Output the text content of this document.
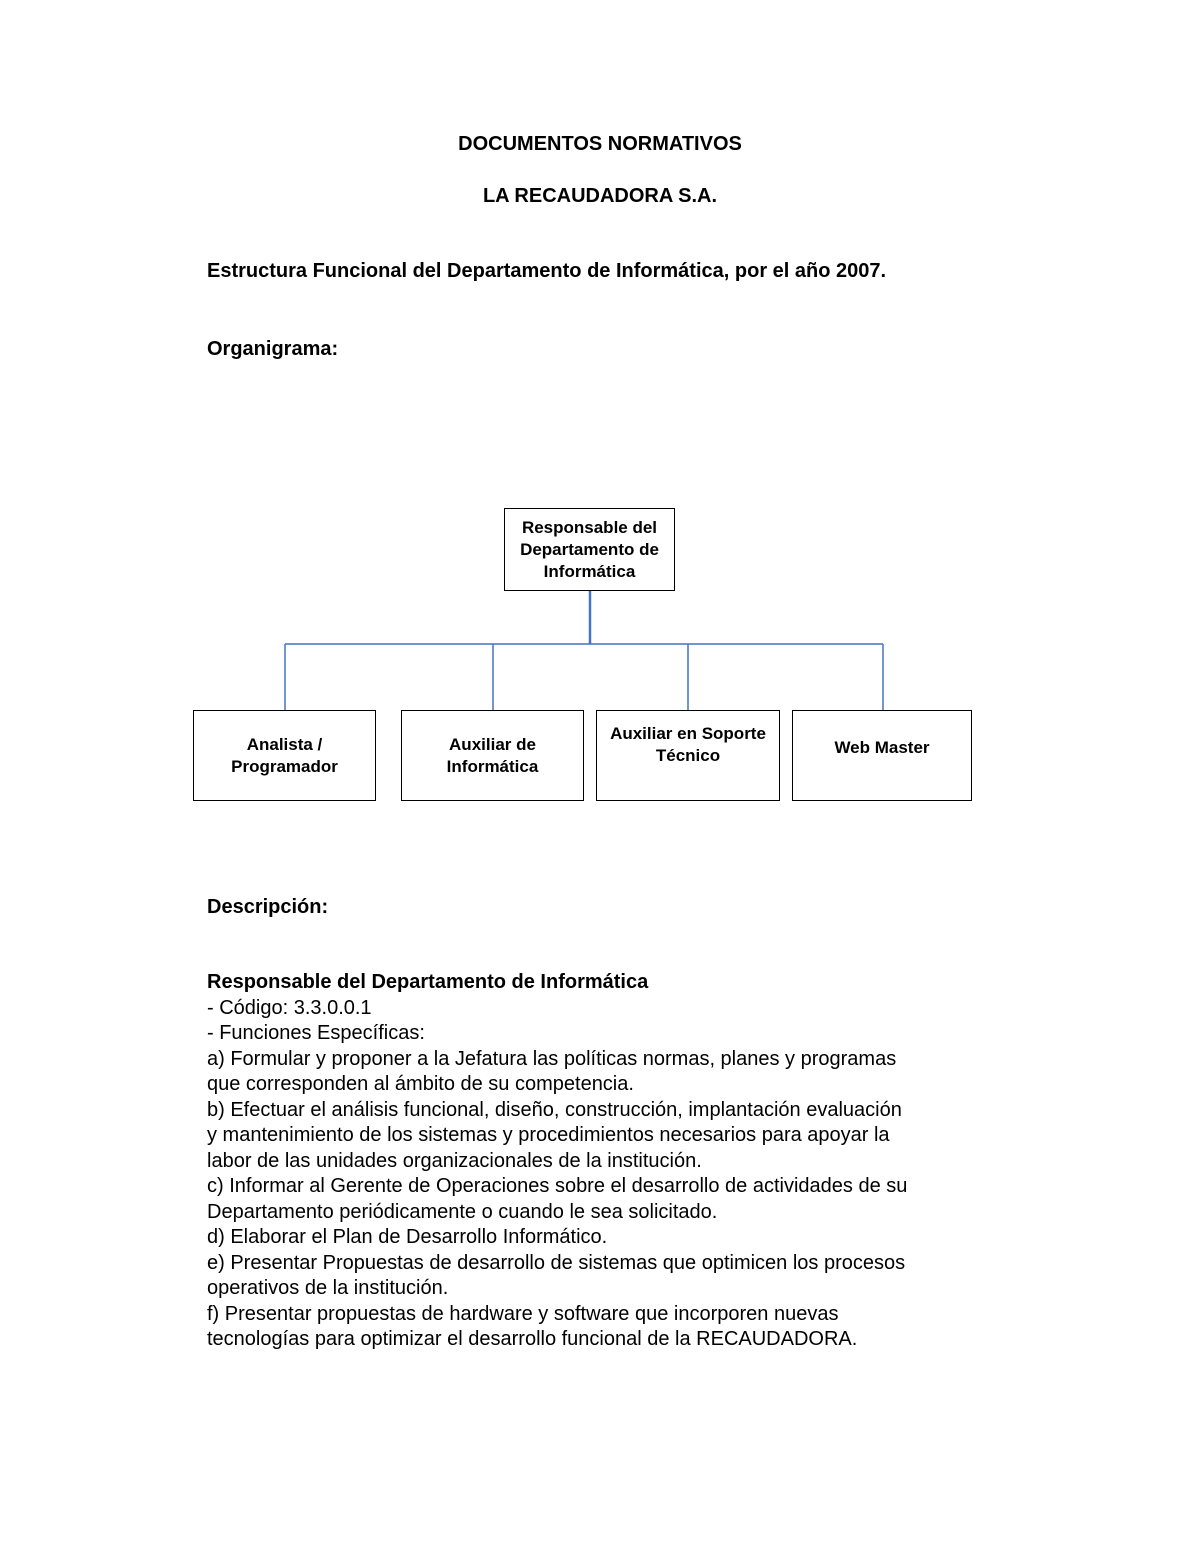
DOCUMENTOS NORMATIVOS
LA RECAUDADORA S.A.
Estructura Funcional del Departamento de Informática, por el año 2007.
Organigrama:
Responsable del
Departamento de
Informática
Analista /
Programador
Auxiliar de
Informática
Auxiliar en Soporte
Técnico	Web Master
Descripción:
Responsable del Departamento de Informática
- Código: 3.3.0.0.1
- Funciones Específicas:
a) Formular y proponer a la Jefatura las políticas normas, planes y programas
que corresponden al ámbito de su competencia.
b) Efectuar el análisis funcional, diseño, construcción, implantación evaluación
y mantenimiento de los sistemas y procedimientos necesarios para apoyar la
labor de las unidades organizacionales de la institución.
c) Informar al Gerente de Operaciones sobre el desarrollo de actividades de su
Departamento periódicamente o cuando le sea solicitado.
d) Elaborar el Plan de Desarrollo Informático.
e) Presentar Propuestas de desarrollo de sistemas que optimicen los procesos
operativos de la institución.
f) Presentar propuestas de hardware y software que incorporen nuevas
tecnologías para optimizar el desarrollo funcional de la RECAUDADORA.
